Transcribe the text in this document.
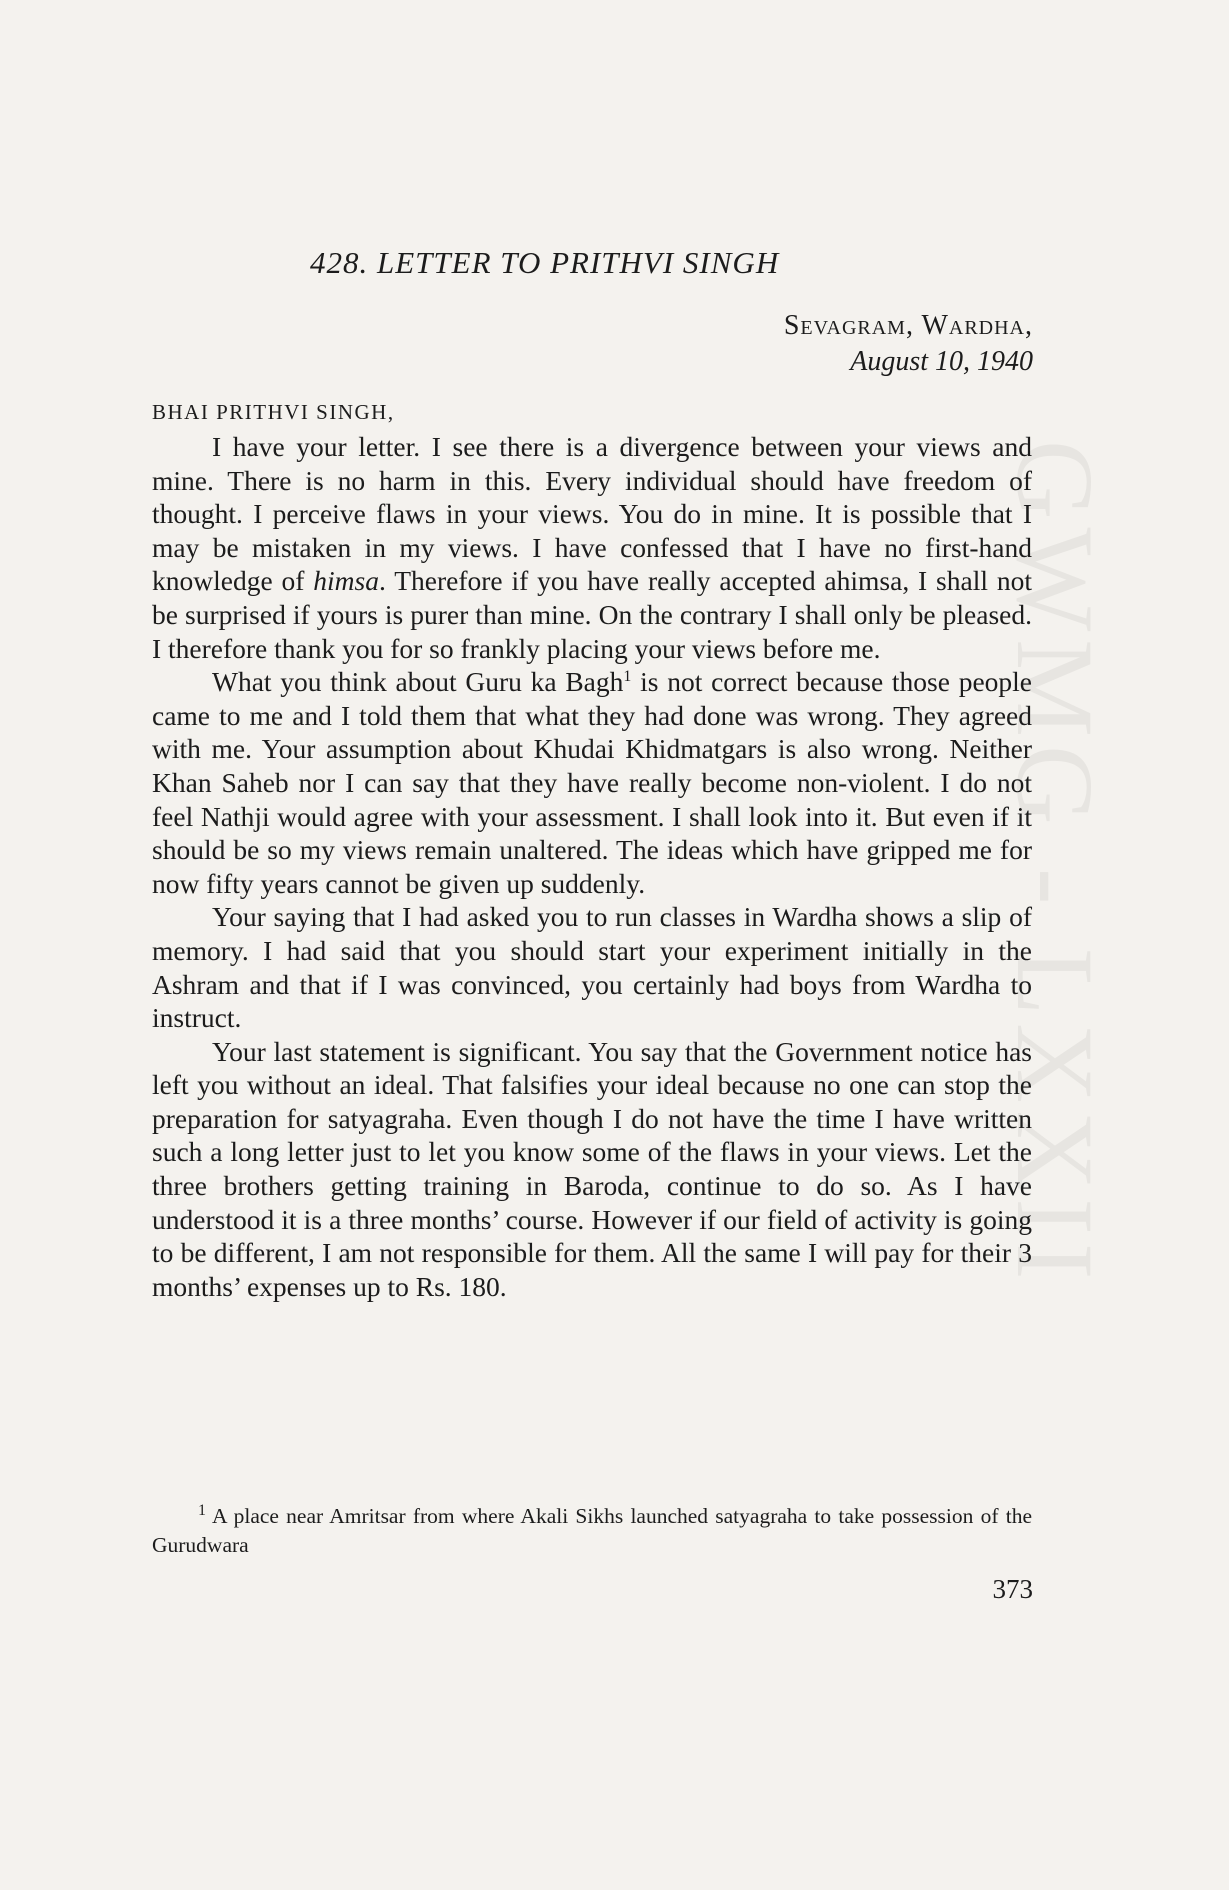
GWMG - LXXII
428. LETTER TO PRITHVI SINGH
Sevagram, Wardha,
August 10, 1940
BHAI PRITHVI SINGH,

I have your letter. I see there is a divergence between your views and mine. There is no harm in this. Every individual should have freedom of thought. I perceive flaws in your views. You do in mine. It is possible that I may be mistaken in my views. I have confessed that I have no first-hand knowledge of himsa. Therefore if you have really accepted ahimsa, I shall not be surprised if yours is purer than mine. On the contrary I shall only be pleased. I therefore thank you for so frankly placing your views before me.

What you think about Guru ka Bagh$^1$ is not correct because those people came to me and I told them that what they had done was wrong. They agreed with me. Your assumption about Khudai Khidmatgars is also wrong. Neither Khan Saheb nor I can say that they have really become non-violent. I do not feel Nathji would agree with your assessment. I shall look into it. But even if it should be so my views remain unaltered. The ideas which have gripped me for now fifty years cannot be given up suddenly.

Your saying that I had asked you to run classes in Wardha shows a slip of memory. I had said that you should start your experiment initially in the Ashram and that if I was convinced, you certainly had boys from Wardha to instruct.

Your last statement is significant. You say that the Government notice has left you without an ideal. That falsifies your ideal because no one can stop the preparation for satyagraha. Even though I do not have the time I have written such a long letter just to let you know some of the flaws in your views. Let the three brothers getting training in Baroda, continue to do so. As I have understood it is a three months’ course. However if our field of activity is going to be different, I am not responsible for them. All the same I will pay for their 3 months’ expenses up to Rs. 180.

$^1$ A place near Amritsar from where Akali Sikhs launched satyagraha to take possession of the Gurudwara
373
